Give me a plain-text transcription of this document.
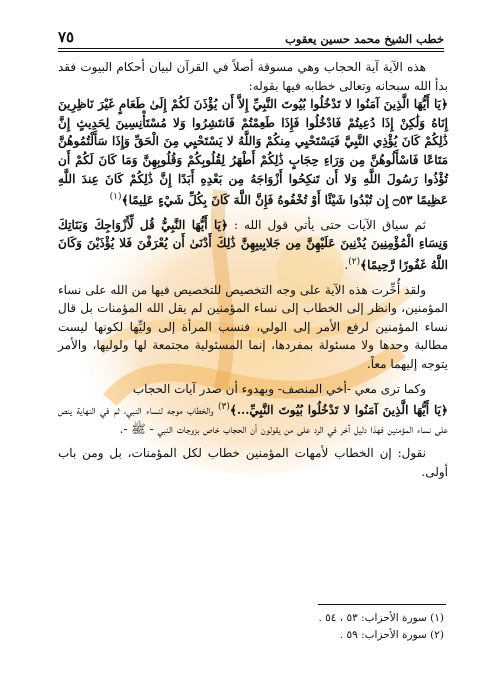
خطب الشيخ محمد حسين يعقوب
٧٥

هذه الآية آية الحجاب وهي مسوقة أصلاً في القرآن لبيان أحكام البيوت فقد بدأ الله سبحانه وتعالى خطابه فيها بقوله:

﴿يَا أَيُّهَا الَّذِينَ آمَنُوا لا تَدْخُلُوا بُيُوتَ النَّبِيِّ إِلاَّ أَن يُؤْذَنَ لَكُمْ إِلَىٰ طَعَامٍ غَيْرَ نَاظِرِينَ إِنَاهُ وَلَٰكِنْ إِذَا دُعِيتُمْ فَادْخُلُوا فَإِذَا طَعِمْتُمْ فَانتَشِرُوا وَلا مُسْتَأْنِسِينَ لِحَدِيثٍ إِنَّ ذَٰلِكُمْ كَانَ يُؤْذِي النَّبِيَّ فَيَسْتَحْيِي مِنكُمْ وَاللَّهُ لا يَسْتَحْيِي مِنَ الْحَقِّ وَإِذَا سَأَلْتُمُوهُنَّ مَتَاعًا فَاسْأَلُوهُنَّ مِن وَرَاءِ حِجَابٍ ذَٰلِكُمْ أَطْهَرُ لِقُلُوبِكُمْ وَقُلُوبِهِنَّ وَمَا كَانَ لَكُمْ أَن تُؤْذُوا رَسُولَ اللَّهِ وَلا أَن تَنكِحُوا أَزْوَاجَهُ مِن بَعْدِهِ أَبَدًا إِنَّ ذَٰلِكُمْ كَانَ عِندَ اللَّهِ عَظِيمًا ۝٥٣ إِن تُبْدُوا شَيْئًا أَوْ تُخْفُوهُ فَإِنَّ اللَّهَ كَانَ بِكُلِّ شَيْءٍ عَلِيمًا﴾$^{(١)}$

ثم سياق الآيات حتى يأتي قول الله : ﴿يَا أَيُّهَا النَّبِيُّ قُل لِّأَزْوَاجِكَ وَبَنَاتِكَ وَنِسَاءِ الْمُؤْمِنِينَ يُدْنِينَ عَلَيْهِنَّ مِن جَلابِيبِهِنَّ ذَٰلِكَ أَدْنَىٰ أَن يُعْرَفْنَ فَلا يُؤْذَيْنَ وَكَانَ اللَّهُ غَفُورًا رَّحِيمًا﴾$^{(٢)}$.

ولقد أُخِّرت هذه الآية على وجه التخصيص للتخصيص فيها من الله على نساء المؤمنين، وانظر إلى الخطاب إلى نساء المؤمنين لم يقل الله المؤمنات بل قال نساء المؤمنين لرفع الأمر إلى الولي، فنسب المرأة إلى وليِّها لكونها ليست مطالبة وحدها ولا مسئولة بمفردها، إنما المسئولية مجتمعة لها ولوليها، والأمر يتوجه إليهما معاً.

وكما ترى معي -أخي المنصف- وبهدوء أن صدر آيات الحجاب

﴿يَا أَيُّهَا الَّذِينَ آمَنُوا لا تَدْخُلُوا بُيُوتَ النَّبِيِّ...﴾$^{(٣)}$ والخطاب موجه لنساء النبي، ثم في النهاية ينص على نساء المؤمنين فهذا دليل آخر في الرد على من يقولون أن الحجاب خاص بزوجات النبي - ﷺ -.

نقول: إن الخطاب لأمهات المؤمنين خطاب لكل المؤمنات، بل ومن باب أولى.

(١) سورة الأحزاب: ٥٣ ، ٥٤ .

(٢) سورة الأحزاب: ٥٩ .
